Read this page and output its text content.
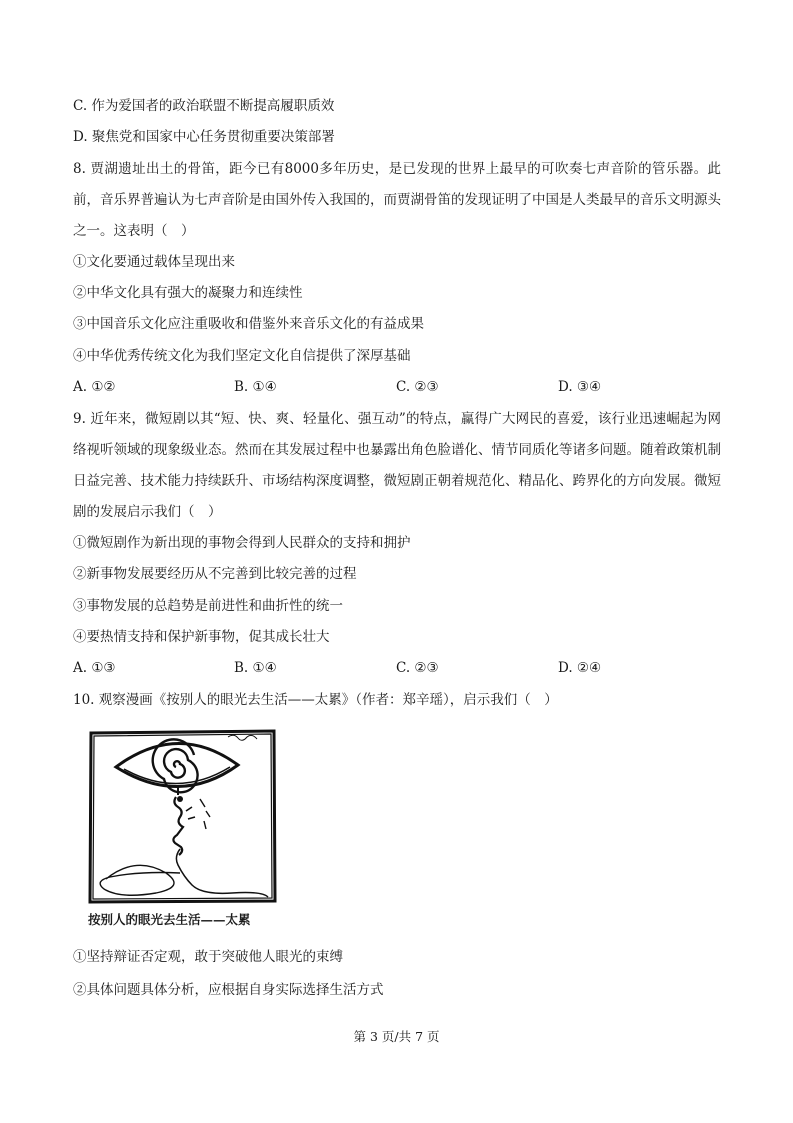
C. 作为爱国者的政治联盟不断提高履职质效
D. 聚焦党和国家中心任务贯彻重要决策部署
8. 贾湖遗址出土的骨笛，距今已有8000多年历史，是已发现的世界上最早的可吹奏七声音阶的管乐器。此前，音乐界普遍认为七声音阶是由国外传入我国的，而贾湖骨笛的发现证明了中国是人类最早的音乐文明源头之一。这表明（　）
①文化要通过载体呈现出来
②中华文化具有强大的凝聚力和连续性
③中国音乐文化应注重吸收和借鉴外来音乐文化的有益成果
④中华优秀传统文化为我们坚定文化自信提供了深厚基础
A. ①②	B. ①④	C. ②③	D. ③④
9. 近年来，微短剧以其“短、快、爽、轻量化、强互动”的特点，赢得广大网民的喜爱，该行业迅速崛起为网络视听领域的现象级业态。然而在其发展过程中也暴露出角色脸谱化、情节同质化等诸多问题。随着政策机制日益完善、技术能力持续跃升、市场结构深度调整，微短剧正朝着规范化、精品化、跨界化的方向发展。微短剧的发展启示我们（　）
①微短剧作为新出现的事物会得到人民群众的支持和拥护
②新事物发展要经历从不完善到比较完善的过程
③事物发展的总趋势是前进性和曲折性的统一
④要热情支持和保护新事物，促其成长壮大
A. ①③	B. ①④	C. ②③	D. ②④
10. 观察漫画《按别人的眼光去生活——太累》（作者：郑辛瑶），启示我们（　）
按别人的眼光去生活——太累
①坚持辩证否定观，敢于突破他人眼光的束缚
②具体问题具体分析，应根据自身实际选择生活方式
第 3 页/共 7 页
